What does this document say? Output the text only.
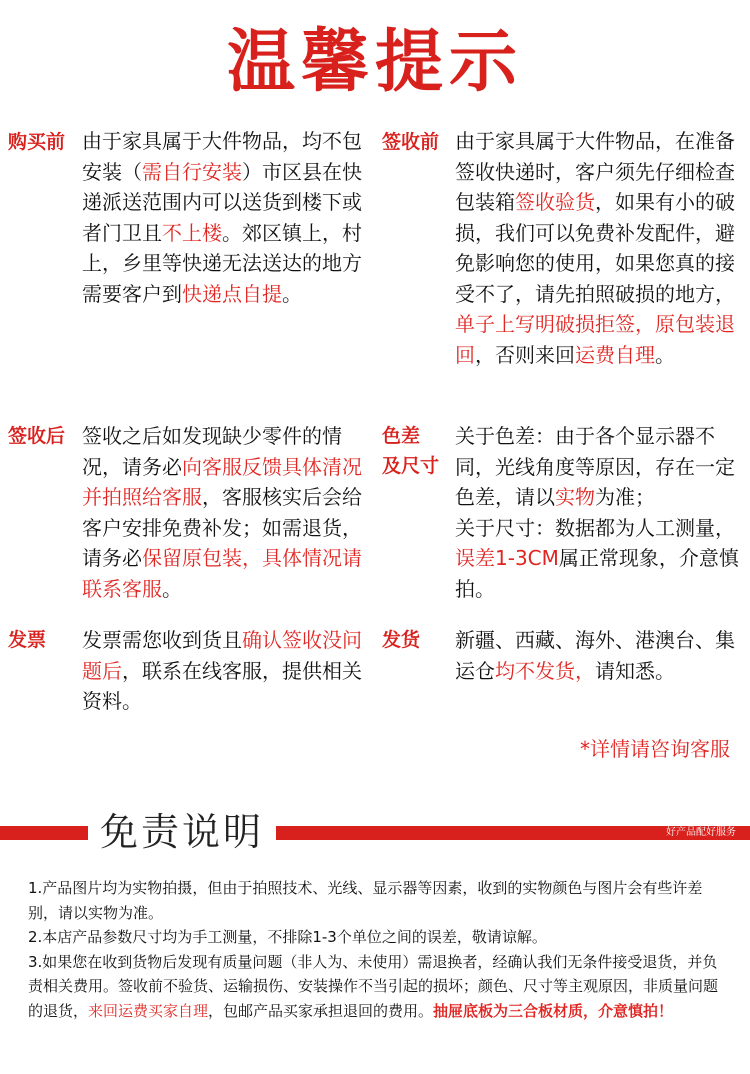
温馨提示
购买前 由于家具属于大件物品，均不包安装（需自行安装）市区县在快递派送范围内可以送货到楼下或者门卫且不上楼。郊区镇上，村上，乡里等快递无法送达的地方需要客户到快递点自提。
签收前 由于家具属于大件物品，在准备签收快递时，客户须先仔细检查包装箱签收验货，如果有小的破损，我们可以免费补发配件，避免影响您的使用，如果您真的接受不了，请先拍照破损的地方，单子上写明破损拒签，原包装退回，否则来回运费自理。
签收后 签收之后如发现缺少零件的情况，请务必向客服反馈具体清况并拍照给客服，客服核实后会给客户安排免费补发；如需退货，请务必保留原包装，具体情况请联系客服。
色差
及尺寸
关于色差：由于各个显示器不同，光线角度等原因，存在一定色差，请以实物为准；
关于尺寸：数据都为人工测量，误差1-3CM属正常现象，介意慎拍。
发票 发票需您收到货且确认签收没问题后，联系在线客服，提供相关资料。
发货 新疆、西藏、海外、港澳台、集运仓均不发货，请知悉。
*详情请咨询客服
免责说明	好产品配好服务
1.产品图片均为实物拍摄，但由于拍照技术、光线、显示器等因素，收到的实物颜色与图片会有些许差别，请以实物为准。
2.本店产品参数尺寸均为手工测量，不排除1-3个单位之间的误差，敬请谅解。
3.如果您在收到货物后发现有质量问题（非人为、未使用）需退换者，经确认我们无条件接受退货，并负责相关费用。签收前不验货、运输损伤、安装操作不当引起的损坏；颜色、尺寸等主观原因，非质量问题的退货，来回运费买家自理，包邮产品买家承担退回的费用。抽屉底板为三合板材质，介意慎拍！
